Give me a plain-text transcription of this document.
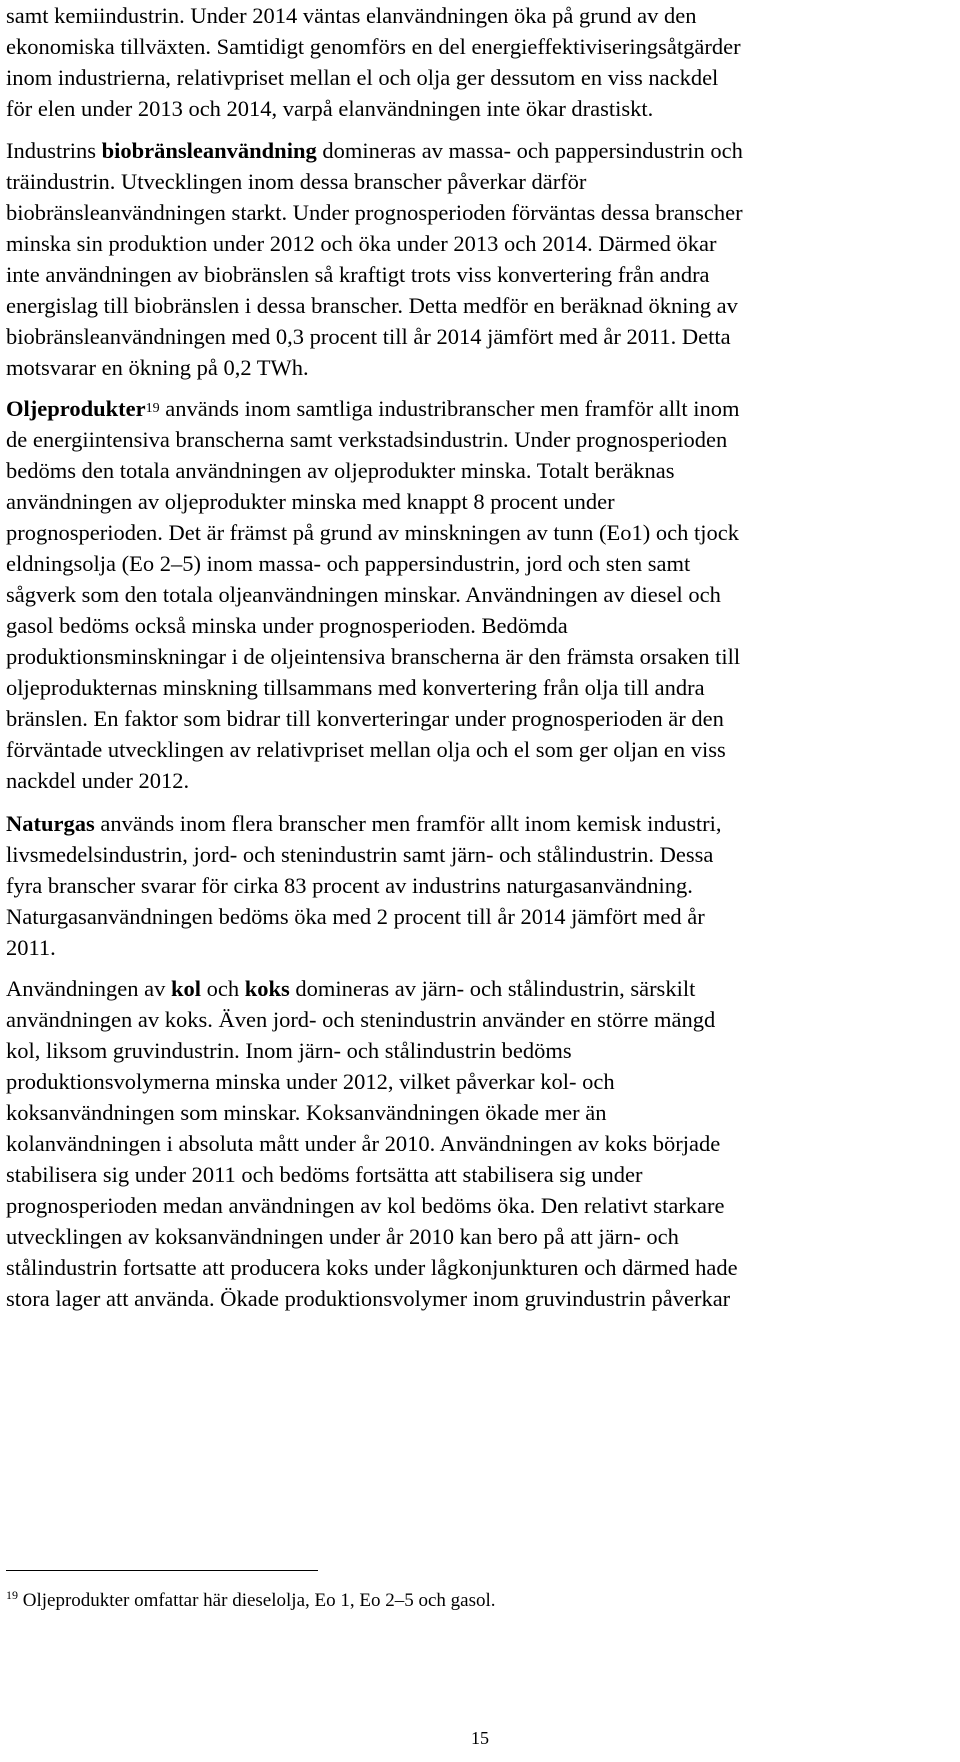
samt kemiindustrin. Under 2014 väntas elanvändningen öka på grund av den
ekonomiska tillväxten. Samtidigt genomförs en del energieffektiviseringsåtgärder
inom industrierna, relativpriset mellan el och olja ger dessutom en viss nackdel
för elen under 2013 och 2014, varpå elanvändningen inte ökar drastiskt.
Industrins biobränsleanvändning domineras av massa- och pappersindustrin och
träindustrin. Utvecklingen inom dessa branscher påverkar därför
biobränsleanvändningen starkt. Under prognosperioden förväntas dessa branscher
minska sin produktion under 2012 och öka under 2013 och 2014. Därmed ökar
inte användningen av biobränslen så kraftigt trots viss konvertering från andra
energislag till biobränslen i dessa branscher. Detta medför en beräknad ökning av
biobränsleanvändningen med 0,3 procent till år 2014 jämfört med år 2011. Detta
motsvarar en ökning på 0,2 TWh.
Oljeprodukter$^{19}$ används inom samtliga industribranscher men framför allt inom
de energiintensiva branscherna samt verkstadsindustrin. Under prognosperioden
bedöms den totala användningen av oljeprodukter minska. Totalt beräknas
användningen av oljeprodukter minska med knappt 8 procent under
prognosperioden. Det är främst på grund av minskningen av tunn (Eo1) och tjock
eldningsolja (Eo 2‒5) inom massa- och pappersindustrin, jord och sten samt
sågverk som den totala oljeanvändningen minskar. Användningen av diesel och
gasol bedöms också minska under prognosperioden. Bedömda
produktionsminskningar i de oljeintensiva branscherna är den främsta orsaken till
oljeprodukternas minskning tillsammans med konvertering från olja till andra
bränslen. En faktor som bidrar till konverteringar under prognosperioden är den
förväntade utvecklingen av relativpriset mellan olja och el som ger oljan en viss
nackdel under 2012.
Naturgas används inom flera branscher men framför allt inom kemisk industri,
livsmedelsindustrin, jord- och stenindustrin samt järn- och stålindustrin. Dessa
fyra branscher svarar för cirka 83 procent av industrins naturgasanvändning.
Naturgasanvändningen bedöms öka med 2 procent till år 2014 jämfört med år
2011.
Användningen av kol och koks domineras av järn- och stålindustrin, särskilt
användningen av koks. Även jord- och stenindustrin använder en större mängd
kol, liksom gruvindustrin. Inom järn- och stålindustrin bedöms
produktionsvolymerna minska under 2012, vilket påverkar kol- och
koksanvändningen som minskar. Koksanvändningen ökade mer än
kolanvändningen i absoluta mått under år 2010. Användningen av koks började
stabilisera sig under 2011 och bedöms fortsätta att stabilisera sig under
prognosperioden medan användningen av kol bedöms öka. Den relativt starkare
utvecklingen av koksanvändningen under år 2010 kan bero på att järn- och
stålindustrin fortsatte att producera koks under lågkonjunkturen och därmed hade
stora lager att använda. Ökade produktionsvolymer inom gruvindustrin påverkar

$^{19}$ Oljeprodukter omfattar här dieselolja, Eo 1, Eo 2‒5 och gasol.

15
